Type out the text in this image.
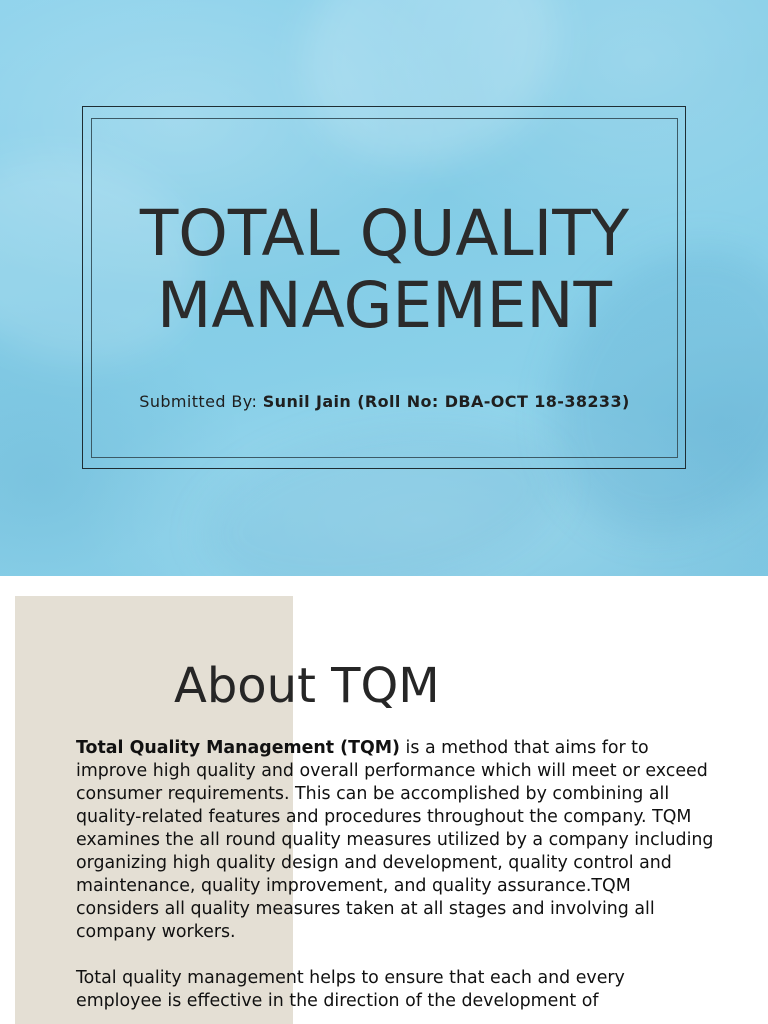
TOTAL QUALITY
MANAGEMENT
Submitted By: Sunil Jain (Roll No: DBA-OCT 18-38233)
About TQM

Total Quality Management (TQM) is a method that aims for to improve high quality and overall performance which will meet or exceed consumer requirements. This can be accomplished by combining all quality-related features and procedures throughout the company. TQM examines the all round quality measures utilized by a company including organizing high quality design and development, quality control and maintenance, quality improvement, and quality assurance.TQM considers all quality measures taken at all stages and involving all company workers.

Total quality management helps to ensure that each and every employee is effective in the direction of the development of
